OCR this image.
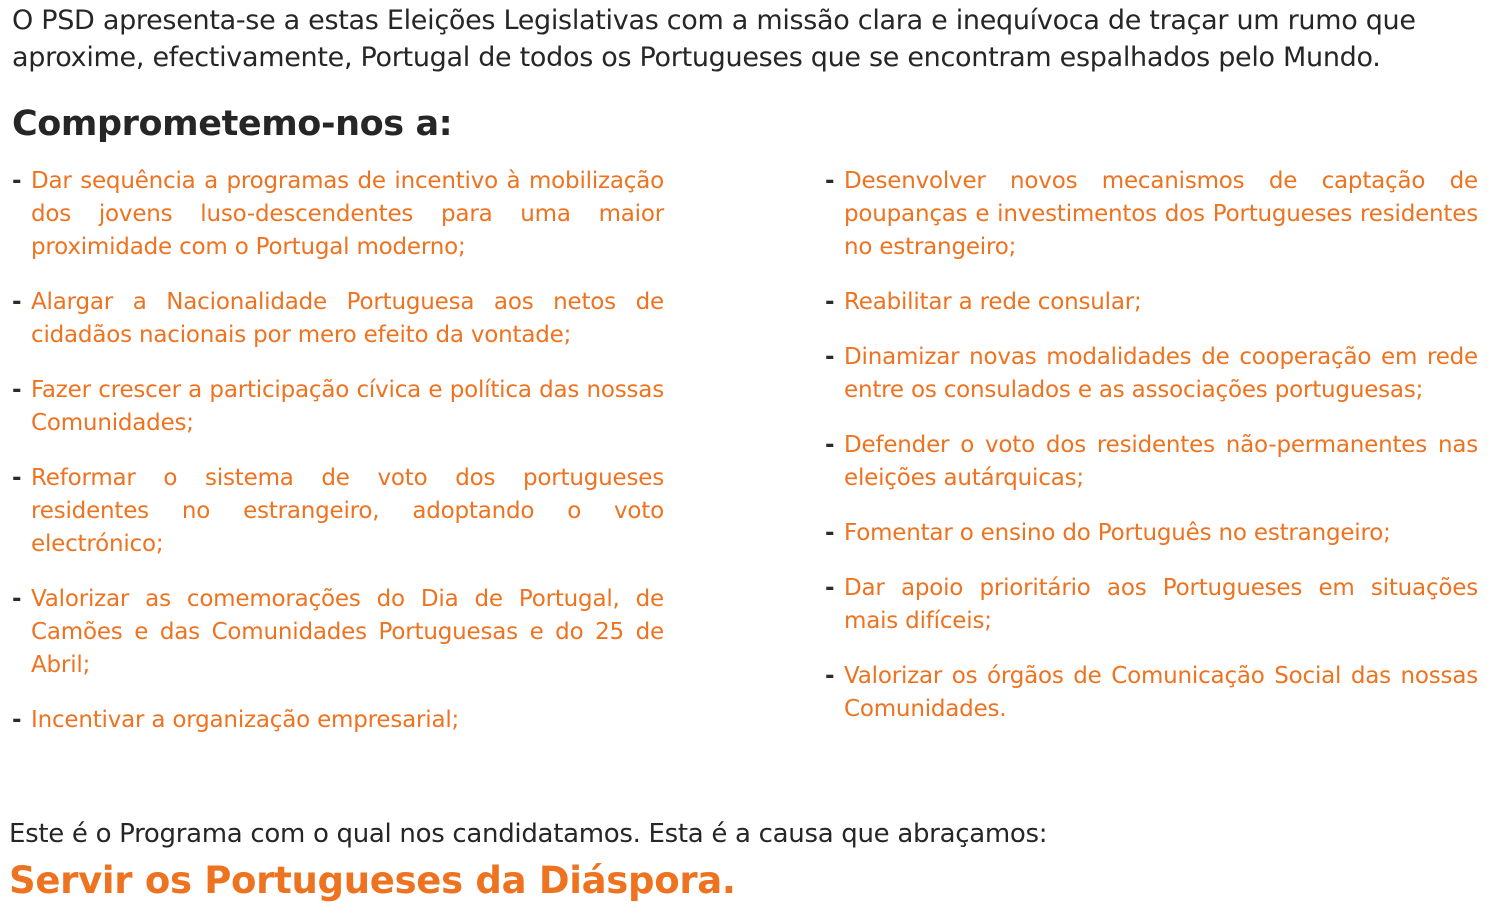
O PSD apresenta-se a estas Eleições Legislativas com a missão clara e inequívoca de traçar um rumo que aproxime, efectivamente, Portugal de todos os Portugueses que se encontram espalhados pelo Mundo.

Comprometemo-nos a:
- Dar sequência a programas de incentivo à mobilização dos jovens luso-descendentes para uma maior proximidade com o Portugal moderno;
- Alargar a Nacionalidade Portuguesa aos netos de cidadãos nacionais por mero efeito da vontade;
- Fazer crescer a participação cívica e política das nossas Comunidades;
- Reformar o sistema de voto dos portugueses residentes no estrangeiro, adoptando o voto electrónico;
- Valorizar as comemorações do Dia de Portugal, de Camões e das Comunidades Portuguesas e do 25 de Abril;
- Incentivar a organização empresarial;
- Desenvolver novos mecanismos de captação de poupanças e investimentos dos Portugueses residentes no estrangeiro;
- Reabilitar a rede consular;
- Dinamizar novas modalidades de cooperação em rede entre os consulados e as associações portuguesas;
- Defender o voto dos residentes não-permanentes nas eleições autárquicas;
- Fomentar o ensino do Português no estrangeiro;
- Dar apoio prioritário aos Portugueses em situações mais difíceis;
- Valorizar os órgãos de Comunicação Social das nossas Comunidades.

Este é o Programa com o qual nos candidatamos. Esta é a causa que abraçamos:

Servir os Portugueses da Diáspora.
